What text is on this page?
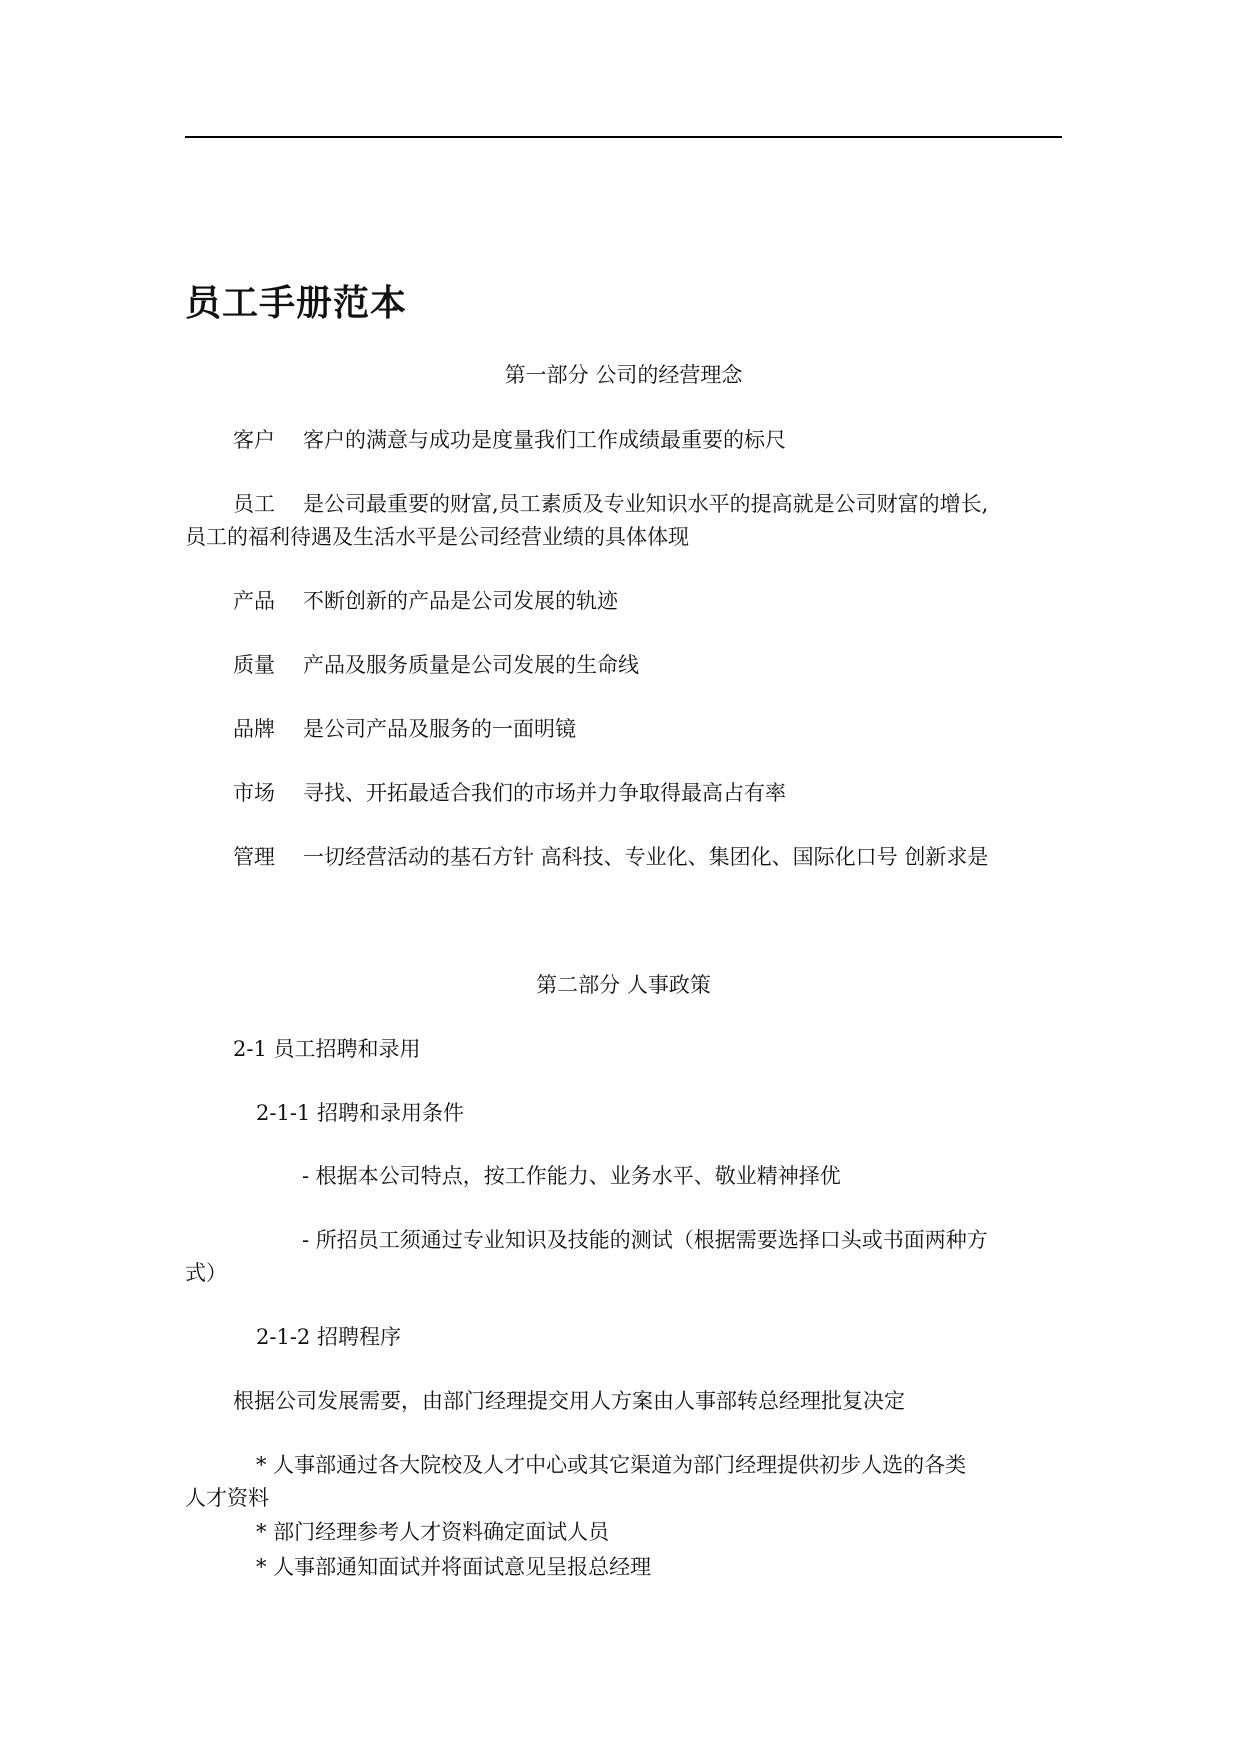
员工手册范本
第一部分 公司的经营理念
客户 客户的满意与成功是度量我们工作成绩最重要的标尺
员工 是公司最重要的财富,员工素质及专业知识水平的提高就是公司财富的增长,
员工的福利待遇及生活水平是公司经营业绩的具体体现
产品 不断创新的产品是公司发展的轨迹
质量 产品及服务质量是公司发展的生命线
品牌 是公司产品及服务的一面明镜
市场 寻找、开拓最适合我们的市场并力争取得最高占有率
管理 一切经营活动的基石方针 高科技、专业化、集团化、国际化口号 创新求是
第二部分 人事政策
2-1 员工招聘和录用
2-1-1 招聘和录用条件
- 根据本公司特点，按工作能力、业务水平、敬业精神择优
- 所招员工须通过专业知识及技能的测试（根据需要选择口头或书面两种方
式）
2-1-2 招聘程序
根据公司发展需要，由部门经理提交用人方案由人事部转总经理批复决定
* 人事部通过各大院校及人才中心或其它渠道为部门经理提供初步人选的各类
人才资料
* 部门经理参考人才资料确定面试人员
* 人事部通知面试并将面试意见呈报总经理
